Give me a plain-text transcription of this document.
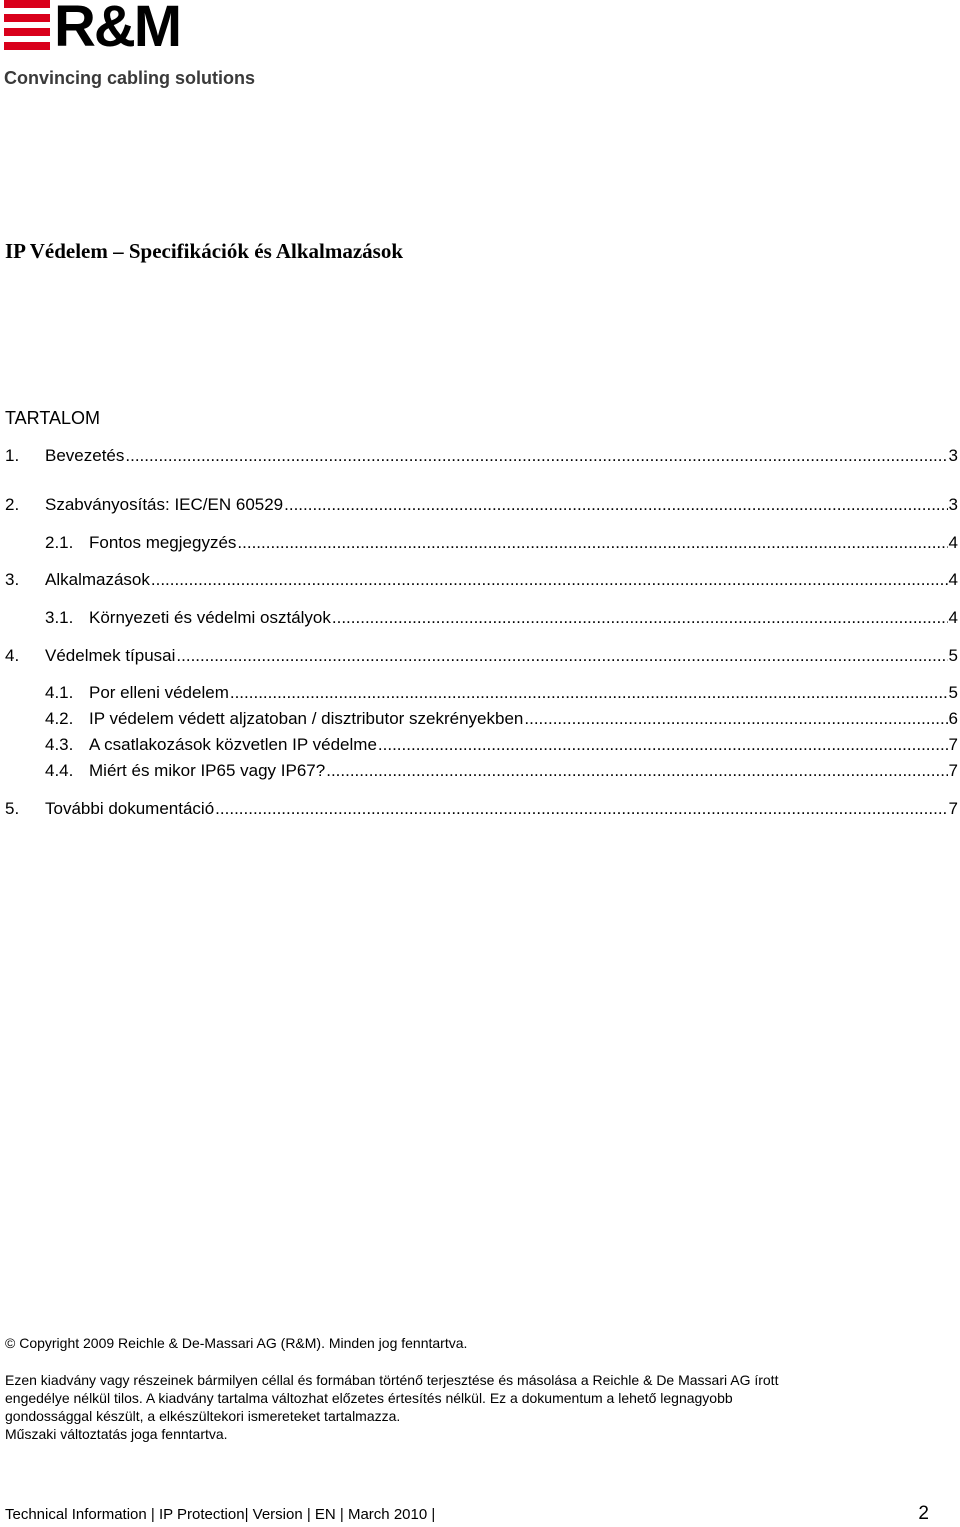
R&M
Convincing cabling solutions
IP Védelem – Specifikációk és Alkalmazások
TARTALOM
1.	Bevezetés .....	3
2.	Szabványosítás: IEC/EN 60529 .....	3
2.1. Fontos megjegyzés .....	4
3.	Alkalmazások .....	4
3.1. Környezeti és védelmi osztályok .....	4
4.	Védelmek típusai .....	5
4.1. Por elleni védelem .....	5
4.2. IP védelem védett aljzatoban / disztributor szekrényekben .....	6
4.3. A csatlakozások közvetlen IP védelme .....	7
4.4. Miért és mikor IP65 vagy IP67? .....	7
5.	További dokumentáció .....	7

© Copyright 2009 Reichle & De-Massari AG (R&M). Minden jog fenntartva.

Ezen kiadvány vagy részeinek bármilyen céllal és formában történő terjesztése és másolása a Reichle & De Massari AG írott
engedélye nélkül tilos. A kiadvány tartalma változhat előzetes értesítés nélkül. Ez a dokumentum a lehető legnagyobb
gondossággal készült, a elkészültekori ismereteket tartalmazza.
Műszaki változtatás joga fenntartva.

Technical Information | IP Protection| Version | EN | March 2010 |	2
